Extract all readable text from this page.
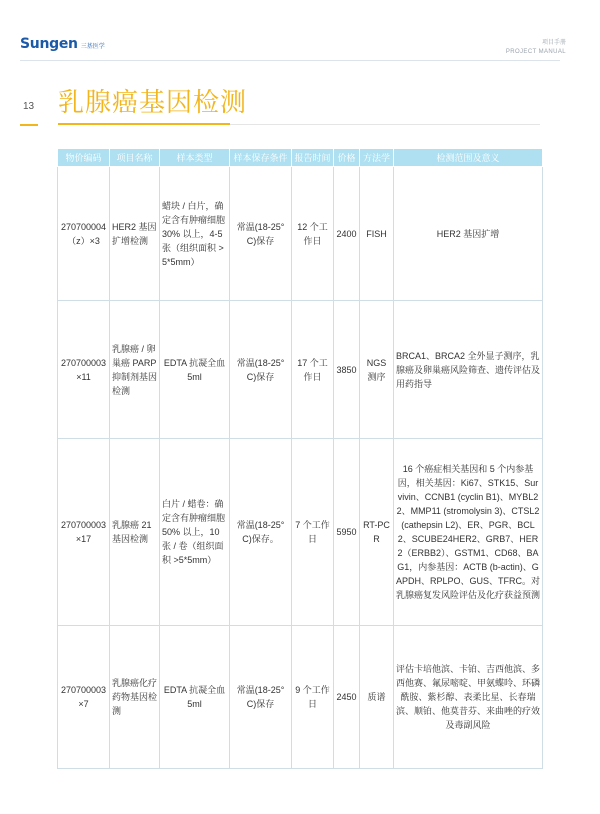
Sungen 三基医学
项目手册
PROJECT MANUAL
13 乳腺癌基因检测
物价编码	项目名称	样本类型	样本保存条件	报告时间	价格	方法学	检测范围及意义
270700004（z）×3	HER2 基因扩增检测	蜡块 / 白片，确定含有肿瘤细胞 30% 以上，4-5 张（组织面积 >5*5mm）	常温(18-25°C)保存	12 个工作日	2400	FISH	HER2 基因扩增
270700003×11	乳腺癌 / 卵巢癌 PARP 抑制剂基因检测	EDTA 抗凝全血 5ml	常温(18-25°C)保存	17 个工作日	3850	NGS 测序	BRCA1、BRCA2 全外显子测序，乳腺癌及卵巢癌风险筛查、遗传评估及用药指导
270700003×17	乳腺癌 21 基因检测	白片 / 蜡卷：确定含有肿瘤细胞 50% 以上，10 张 / 卷（组织面积 >5*5mm）	常温(18-25°C)保存。	7 个工作日	5950	RT-PCR	16 个癌症相关基因和 5 个内参基因，相关基因：Ki67、STK15、Survivin、CCNB1 (cyclin B1)、MYBL22、MMP11 (stromolysin 3)、CTSL2 (cathepsin L2)、ER、PGR、BCL2、SCUBE24HER2、GRB7、HER2（ERBB2）、GSTM1、CD68、BAG1，内参基因：ACTB (b-actin)、GAPDH、RPLPO、GUS、TFRC。对乳腺癌复发风险评估及化疗获益预测
270700003×7	乳腺癌化疗药物基因检测	EDTA 抗凝全血 5ml	常温(18-25°C)保存	9 个工作日	2450	质谱	评估卡培他滨、卡铂、吉西他滨、多西他赛、氟尿嘧啶、甲氨蝶呤、环磷酰胺、紫杉醇、表柔比星、长春瑞滨、顺铂、他莫昔芬、来曲唑的疗效及毒副风险
